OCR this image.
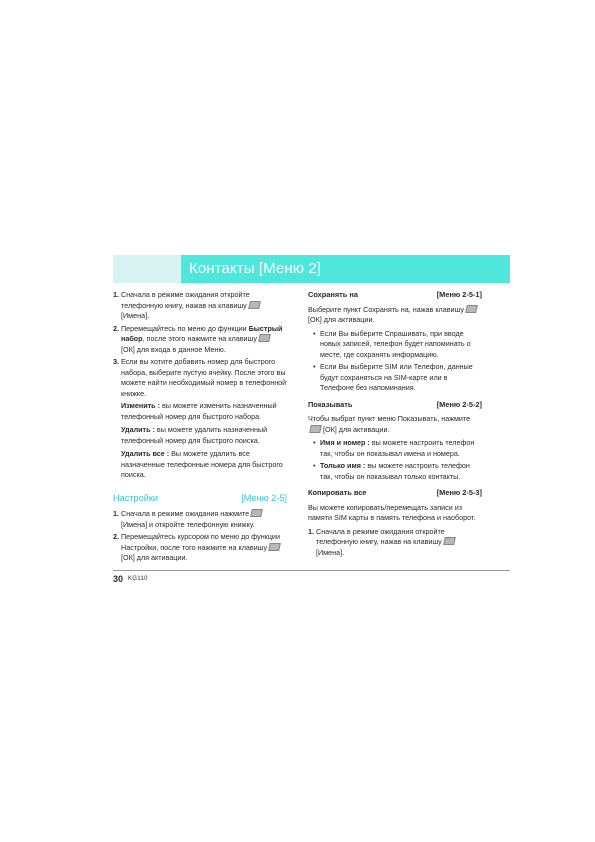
Контакты [Меню 2]
1. Сначала в режиме ожидания откройте телефонную книгу, нажав на клавишу[Имена].
2. Перемещайтесь по меню до функции Быстрый набор, после этого нажмите на клавишу
[ОК] для входа в данное Меню.
3. Если вы хотите добавить номер для быстрого набора, выберите пустую ячейку. После этого вы можете найти необходимый номер в телефонной книжке.
Изменить : вы можете изменить назначенный телефонный номер для быстрого набора.
Удалить : вы можете удалить назначенный телефонный номер для быстрого поиска.
Удалить все : Вы можете удалить все назначенные телефонные номера для быстрого поиска.
Настройки	[Меню 2-5]
1. Сначала в режиме ожидания нажмите
[Имена] и откройте телефонную книжку.
2. Перемещайтесь курсором по меню до функции Настройки, после того нажмите на клавишу
[ОК] для активации.
Сохранять на	[Меню 2-5-1]
Выберите пункт Сохранять на, нажав клавишу
[ОК] для активации.
• Если Вы выберите Спрашивать, при вводе новых записей, телефон будет напоминать о месте, где сохранять информацию.
• Если Вы выберите SIM или Телефон, данные будут сохраняться на SIM-карте или в Телефоне без напоминания.
Показывать	[Меню 2-5-2]
Чтобы выбрат пункт меню Показывать, нажмите
[ОК] для активации.
• Имя и номер : вы можете настроить телефон так, чтобы он показывал имена и номера.
• Только имя : вы можете настроить телефон так, чтобы он показывал только контакты.
Копировать все	[Меню 2-5-3]
Вы можете копировать/перемещать записи из памяти SIM карты в память телефона и наоборот.
1. Сначала в режиме ожидания откройте телефонную книгу, нажав на клавишу[Имена].
30 KG110
